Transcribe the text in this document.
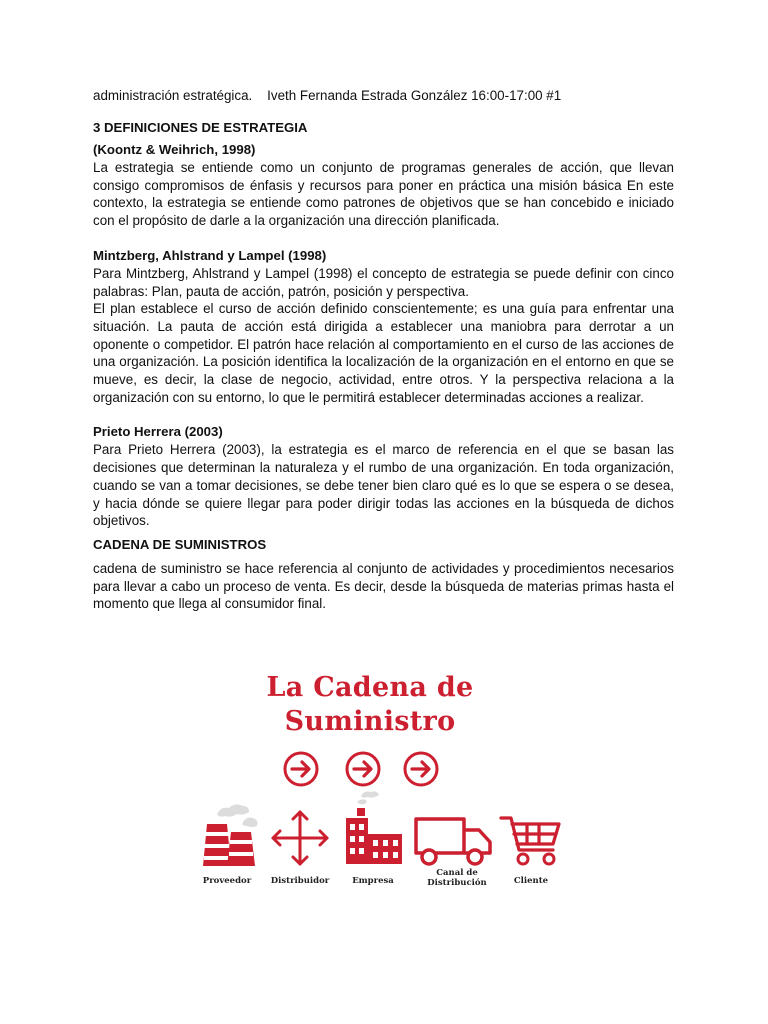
administración estratégica.    Iveth Fernanda Estrada González 16:00-17:00 #1
3 DEFINICIONES DE ESTRATEGIA
(Koontz & Weihrich, 1998)

La estrategia se entiende como un conjunto de programas generales de acción, que llevan consigo compromisos de énfasis y recursos para poner en práctica una misión básica En este contexto, la estrategia se entiende como patrones de objetivos que se han concebido e iniciado con el propósito de darle a la organización una dirección planificada.

Mintzberg, Ahlstrand y Lampel (1998)

Para Mintzberg, Ahlstrand y Lampel (1998) el concepto de estrategia se puede definir con cinco palabras: Plan, pauta de acción, patrón, posición y perspectiva.

El plan establece el curso de acción definido conscientemente; es una guía para enfrentar una situación. La pauta de acción está dirigida a establecer una maniobra para derrotar a un oponente o competidor. El patrón hace relación al comportamiento en el curso de las acciones de una organización. La posición identifica la localización de la organización en el entorno en que se mueve, es decir, la clase de negocio, actividad, entre otros. Y la perspectiva relaciona a la organización con su entorno, lo que le permitirá establecer determinadas acciones a realizar.

Prieto Herrera (2003)

Para Prieto Herrera (2003), la estrategia es el marco de referencia en el que se basan las decisiones que determinan la naturaleza y el rumbo de una organización. En toda organización, cuando se van a tomar decisiones, se debe tener bien claro qué es lo que se espera o se desea, y hacia dónde se quiere llegar para poder dirigir todas las acciones en la búsqueda de dichos objetivos.

CADENA DE SUMINISTROS

cadena de suministro se hace referencia al conjunto de actividades y procedimientos necesarios para llevar a cabo un proceso de venta. Es decir, desde la búsqueda de materias primas hasta el momento que llega al consumidor final.

La Cadena de
Suministro
Proveedor	Distribuidor	Empresa
Canal de Distribución	Cliente
